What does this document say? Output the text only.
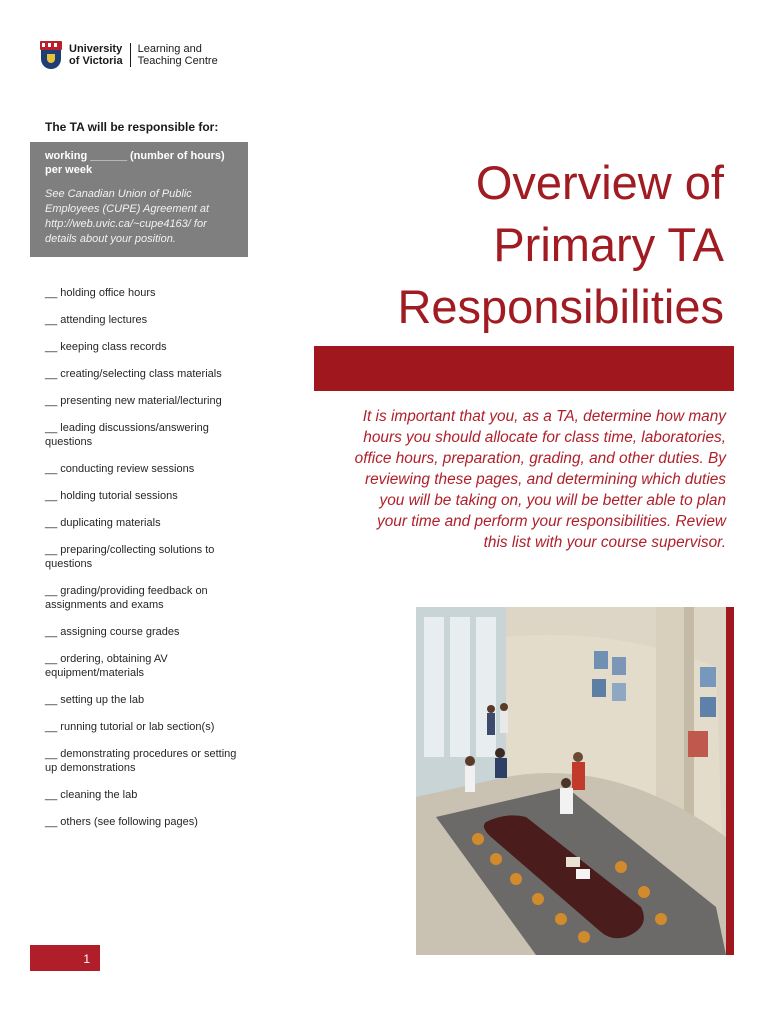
University
of Victoria
Learning and
Teaching Centre
The TA will be responsible for:

working ______ (number of hours) per week

See Canadian Union of Public Employees (CUPE) Agreement at http://web.uvic.ca/~cupe4163/ for details about your position.

__ holding office hours
__ attending lectures
__ keeping class records
__ creating/selecting class materials
__ presenting new material/lecturing
__ leading discussions/answering questions
__ conducting review sessions
__ holding tutorial sessions
__ duplicating materials
__ preparing/collecting solutions to questions
__ grading/providing feedback on assignments and exams
__ assigning course grades
__ ordering, obtaining AV equipment/materials
__ setting up the lab
__ running tutorial or lab section(s)
__ demonstrating procedures or setting up demonstrations
__ cleaning the lab
__ others (see following pages)
1
Overview of
Primary TA
Responsibilities

It is important that you, as a TA, determine how many hours you should allocate for class time, laboratories, office hours, preparation, grading, and other duties. By reviewing these pages, and determining which duties you will be taking on, you will be better able to plan your time and perform your responsibilities. Review this list with your course supervisor.
